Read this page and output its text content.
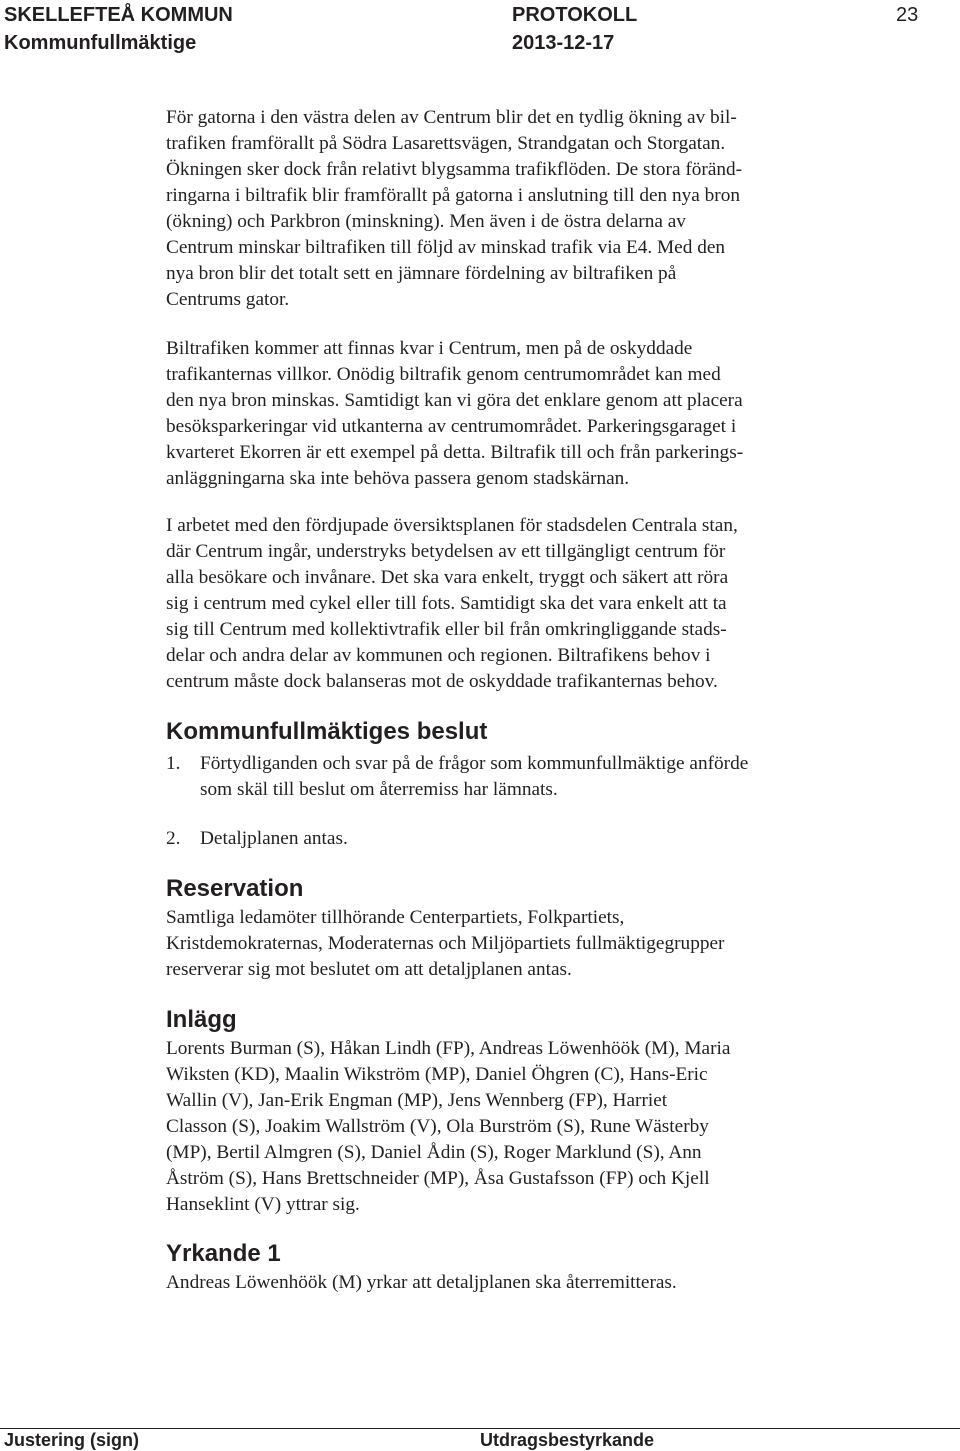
SKELLEFTEÅ KOMMUN	PROTOKOLL	23
Kommunfullmäktige	2013-12-17

För gatorna i den västra delen av Centrum blir det en tydlig ökning av bil-
trafiken framförallt på Södra Lasarettsvägen, Strandgatan och Storgatan.
Ökningen sker dock från relativt blygsamma trafikflöden. De stora föränd-
ringarna i biltrafik blir framförallt på gatorna i anslutning till den nya bron
(ökning) och Parkbron (minskning). Men även i de östra delarna av
Centrum minskar biltrafiken till följd av minskad trafik via E4. Med den
nya bron blir det totalt sett en jämnare fördelning av biltrafiken på
Centrums gator.

Biltrafiken kommer att finnas kvar i Centrum, men på de oskyddade
trafikanternas villkor. Onödig biltrafik genom centrumområdet kan med
den nya bron minskas. Samtidigt kan vi göra det enklare genom att placera
besöksparkeringar vid utkanterna av centrumområdet. Parkeringsgaraget i
kvarteret Ekorren är ett exempel på detta. Biltrafik till och från parkerings-
anläggningarna ska inte behöva passera genom stadskärnan.

I arbetet med den fördjupade översiktsplanen för stadsdelen Centrala stan,
där Centrum ingår, understryks betydelsen av ett tillgängligt centrum för
alla besökare och invånare. Det ska vara enkelt, tryggt och säkert att röra
sig i centrum med cykel eller till fots. Samtidigt ska det vara enkelt att ta
sig till Centrum med kollektivtrafik eller bil från omkringliggande stads-
delar och andra delar av kommunen och regionen. Biltrafikens behov i
centrum måste dock balanseras mot de oskyddade trafikanternas behov.

Kommunfullmäktiges beslut
1. Förtydliganden och svar på de frågor som kommunfullmäktige anförde
som skäl till beslut om återremiss har lämnats.
2. Detaljplanen antas.
Reservation

Samtliga ledamöter tillhörande Centerpartiets, Folkpartiets,
Kristdemokraternas, Moderaternas och Miljöpartiets fullmäktigegrupper
reserverar sig mot beslutet om att detaljplanen antas.

Inlägg

Lorents Burman (S), Håkan Lindh (FP), Andreas Löwenhöök (M), Maria
Wiksten (KD), Maalin Wikström (MP), Daniel Öhgren (C), Hans-Eric
Wallin (V), Jan-Erik Engman (MP), Jens Wennberg (FP), Harriet
Classon (S), Joakim Wallström (V), Ola Burström (S), Rune Wästerby
(MP), Bertil Almgren (S), Daniel Ådin (S), Roger Marklund (S), Ann
Åström (S), Hans Brettschneider (MP), Åsa Gustafsson (FP) och Kjell
Hanseklint (V) yttrar sig.

Yrkande 1

Andreas Löwenhöök (M) yrkar att detaljplanen ska återremitteras.

Justering (sign)	Utdragsbestyrkande
